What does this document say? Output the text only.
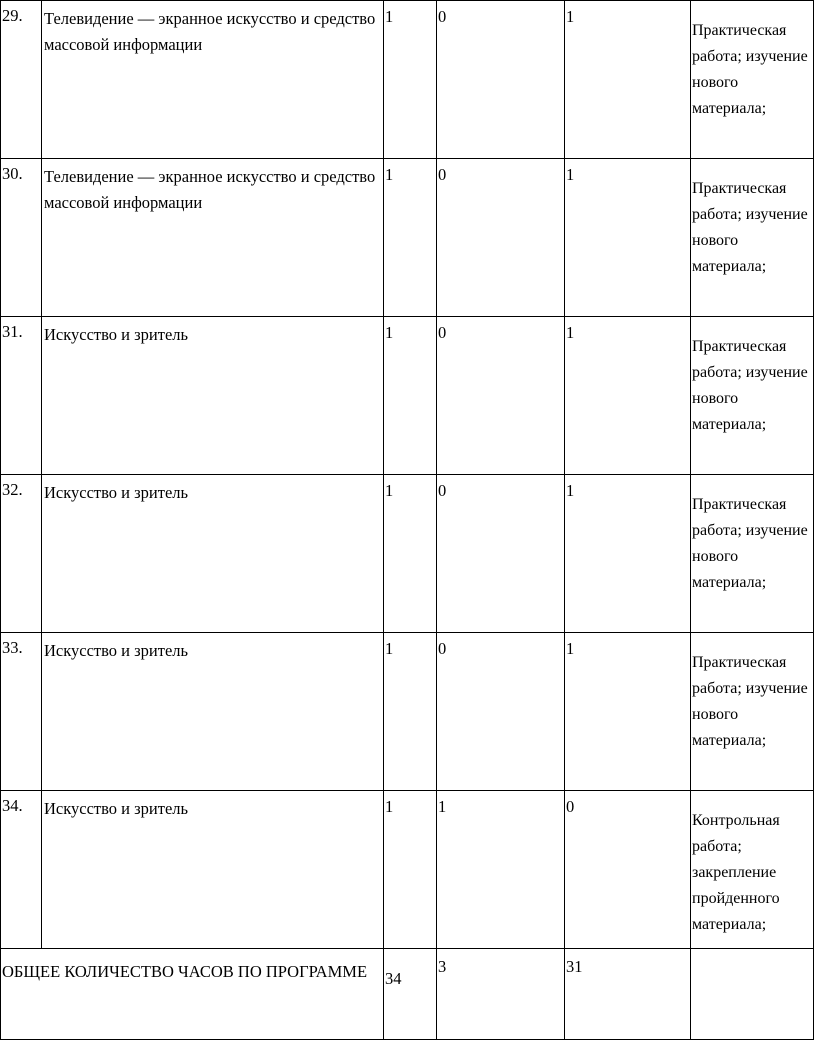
29.	Телевидение — экранное искусство и средство массовой информации	1	0	1	Практическая работа; изучение нового материала;
30.	Телевидение — экранное искусство и средство массовой информации	1	0	1	Практическая работа; изучение нового материала;
31.	Искусство и зритель	1	0	1	Практическая работа; изучение нового материала;
32.	Искусство и зритель	1	0	1	Практическая работа; изучение нового материала;
33.	Искусство и зритель	1	0	1	Практическая работа; изучение нового материала;
34.	Искусство и зритель	1	1	0	Контрольная работа; закрепление пройденного материала;
ОБЩЕЕ КОЛИЧЕСТВО ЧАСОВ ПО ПРОГРАММЕ		34	3	31	
